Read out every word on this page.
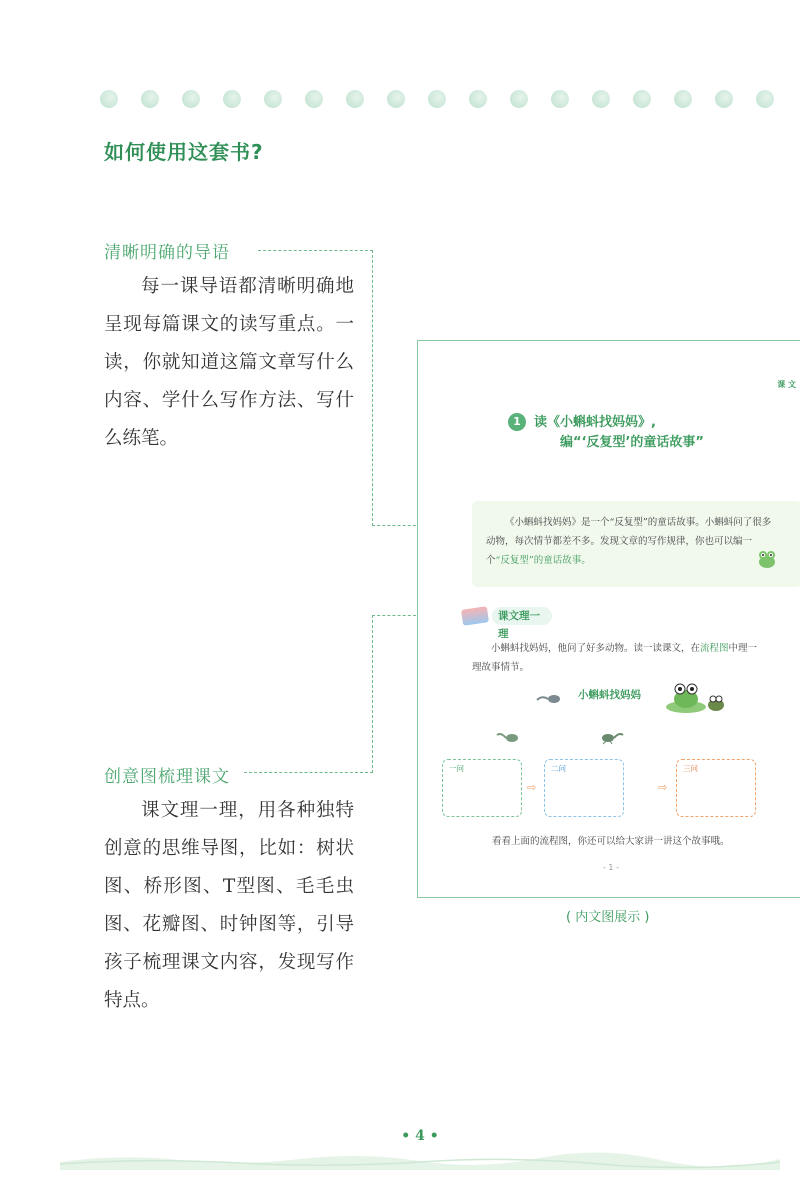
如何使用这套书?
清晰明确的导语
每一课导语都清晰明确地呈现每篇课文的读写重点。一读，你就知道这篇文章写什么内容、学什么写作方法、写什么练笔。
创意图梳理课文
课文理一理，用各种独特创意的思维导图，比如：树状图、桥形图、T型图、毛毛虫图、花瓣图、时钟图等，引导孩子梳理课文内容，发现写作特点。
课 文
1	读《小蝌蚪找妈妈》,
编“‘反复型’的童话故事”
《小蝌蚪找妈妈》是一个“反复型”的童话故事。小蝌蚪问了很多动物，每次情节都差不多。发现文章的写作规律，你也可以编一个“反复型”的童话故事。
课文理一理
小蝌蚪找妈妈，他问了好多动物。读一读课文，在流程图中理一理故事情节。
小蝌蚪找妈妈
一问
⇨
二问
⇨
三问
看看上面的流程图，你还可以给大家讲一讲这个故事哦。
- 1 -
( 内文图展示 )
• 4 •
